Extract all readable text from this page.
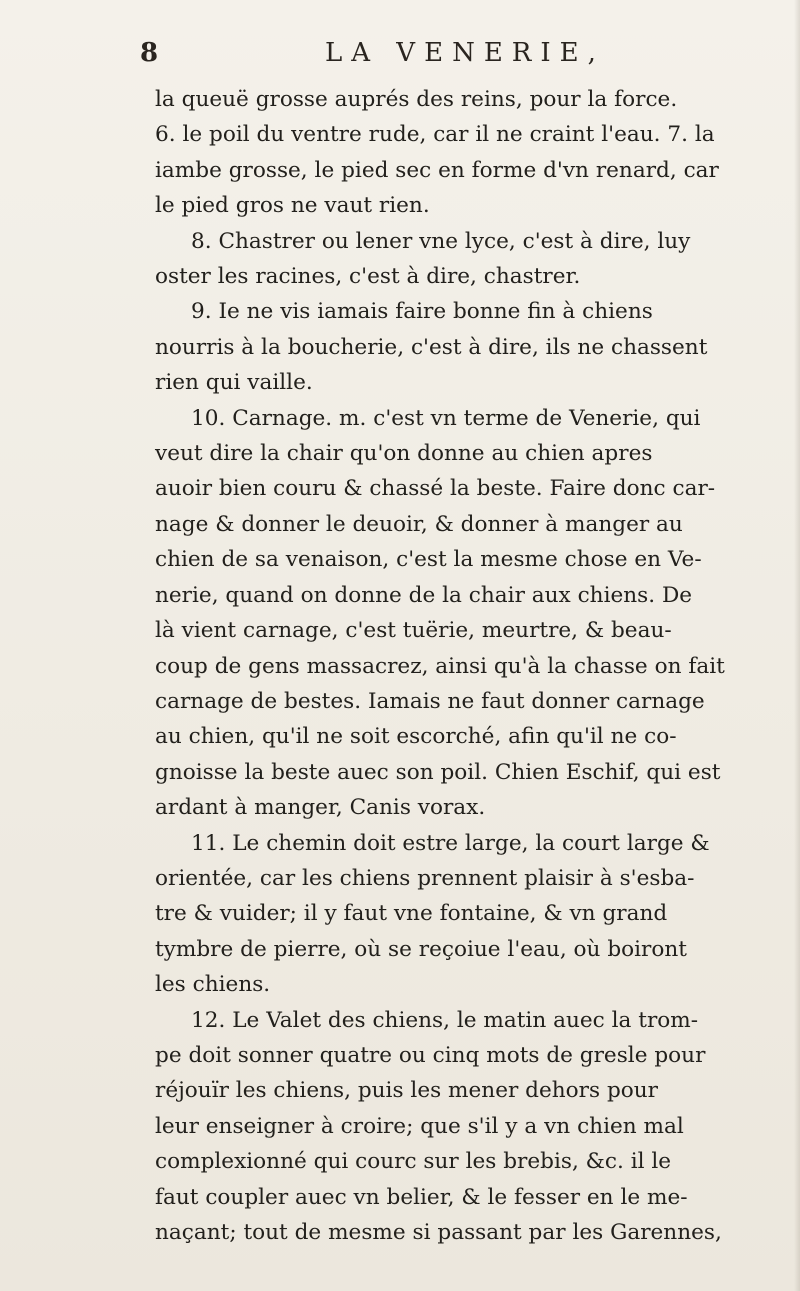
8	LA VENERIE,
la queuë grosse auprés des reins, pour la force.
6. le poil du ventre rude, car il ne craint l'eau. 7. la
iambe grosse, le pied sec en forme d'vn renard, car
le pied gros ne vaut rien.
8. Chastrer ou lener vne lyce, c'est à dire, luy
oster les racines, c'est à dire, chastrer.
9. Ie ne vis iamais faire bonne fin à chiens
nourris à la boucherie, c'est à dire, ils ne chassent
rien qui vaille.
10. Carnage. m. c'est vn terme de Venerie, qui
veut dire la chair qu'on donne au chien apres
auoir bien couru & chassé la beste. Faire donc car-
nage & donner le deuoir, & donner à manger au
chien de sa venaison, c'est la mesme chose en Ve-
nerie, quand on donne de la chair aux chiens. De
là vient carnage, c'est tuërie, meurtre, & beau-
coup de gens massacrez, ainsi qu'à la chasse on fait
carnage de bestes. Iamais ne faut donner carnage
au chien, qu'il ne soit escorché, afin qu'il ne co-
gnoisse la beste auec son poil. Chien Eschif, qui est
ardant à manger, Canis vorax.
11. Le chemin doit estre large, la court large &
orientée, car les chiens prennent plaisir à s'esba-
tre & vuider; il y faut vne fontaine, & vn grand
tymbre de pierre, où se reçoiue l'eau, où boiront
les chiens.
12. Le Valet des chiens, le matin auec la trom-
pe doit sonner quatre ou cinq mots de gresle pour
réjouïr les chiens, puis les mener dehors pour
leur enseigner à croire; que s'il y a vn chien mal
complexionné qui courc sur les brebis, &c. il le
faut coupler auec vn belier, & le fesser en le me-
naçant; tout de mesme si passant par les Garennes,
